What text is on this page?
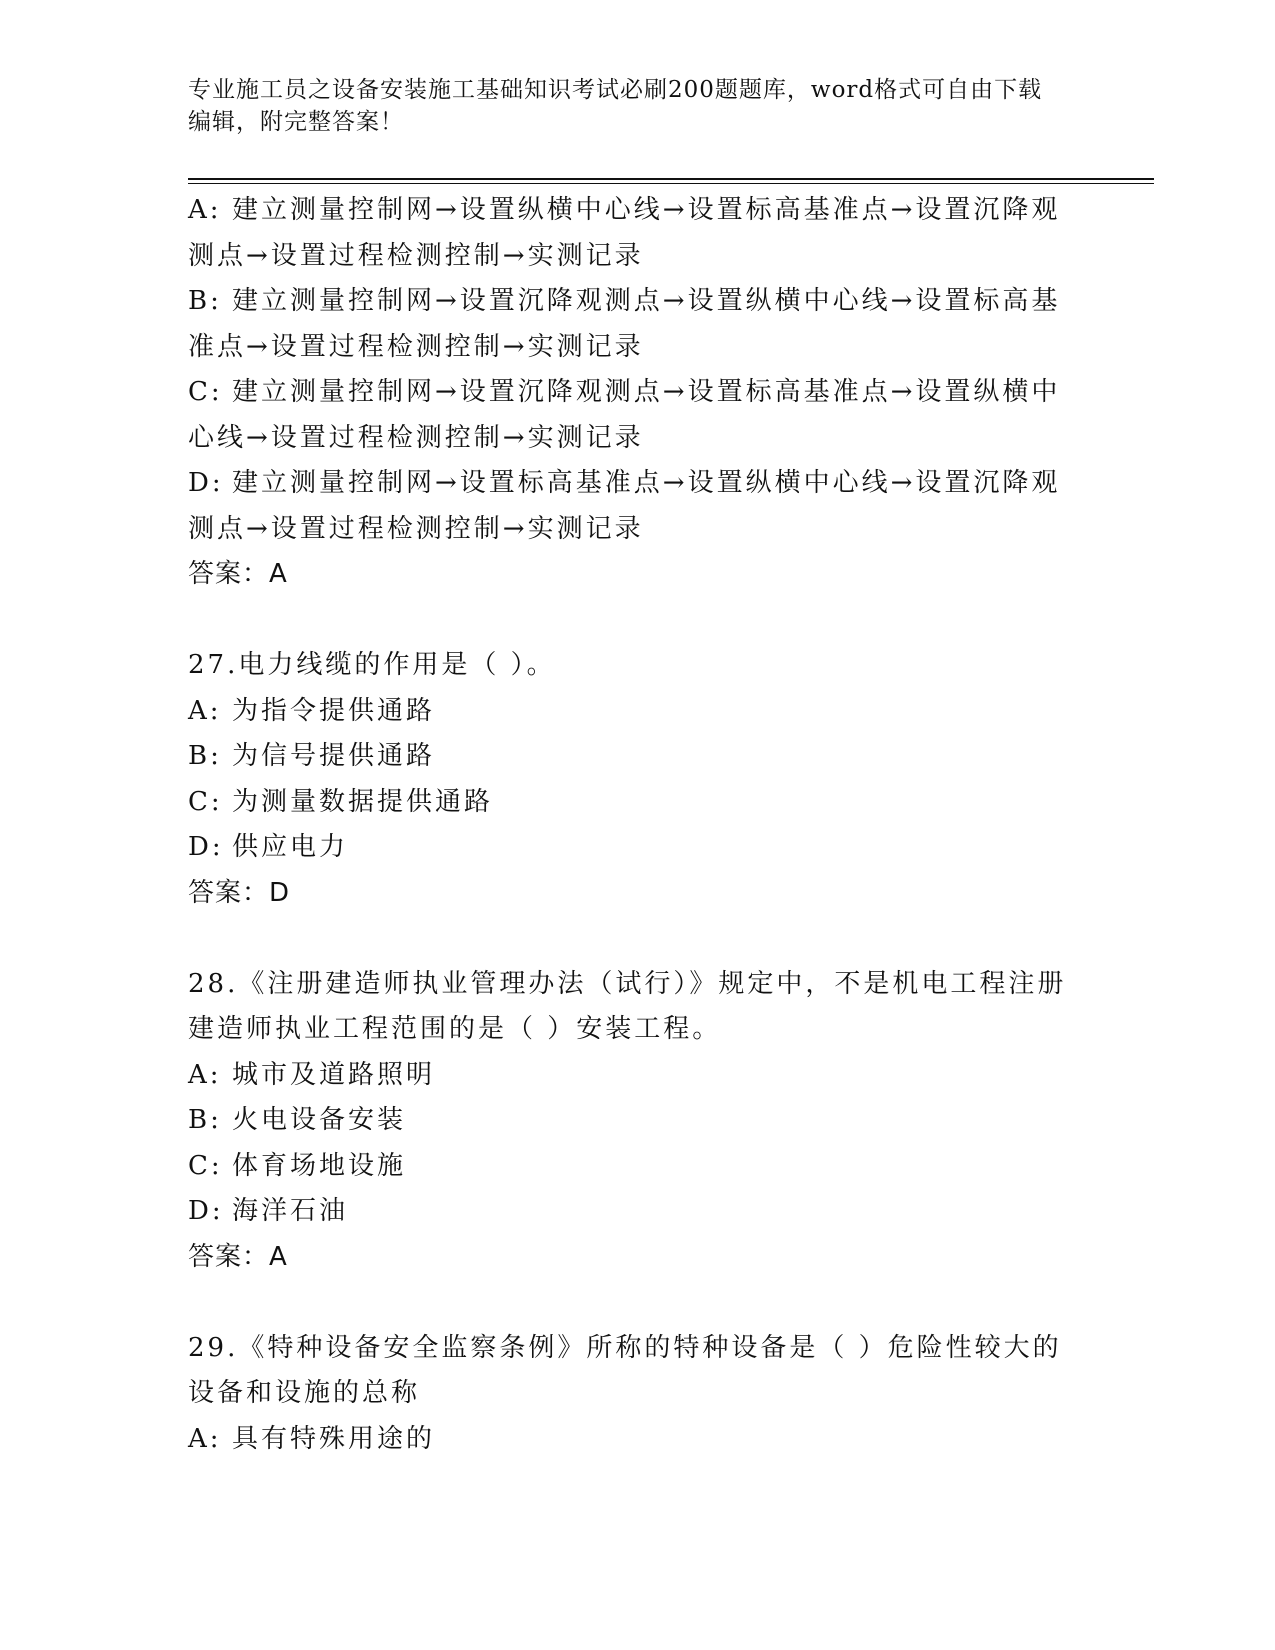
专业施工员之设备安装施工基础知识考试必刷200题题库，word格式可自由下载
编辑，附完整答案！
A: 建立测量控制网→设置纵横中心线→设置标高基准点→设置沉降观
测点→设置过程检测控制→实测记录
B: 建立测量控制网→设置沉降观测点→设置纵横中心线→设置标高基
准点→设置过程检测控制→实测记录
C: 建立测量控制网→设置沉降观测点→设置标高基准点→设置纵横中
心线→设置过程检测控制→实测记录
D: 建立测量控制网→设置标高基准点→设置纵横中心线→设置沉降观
测点→设置过程检测控制→实测记录
答案：A
27.电力线缆的作用是（ ）。
A: 为指令提供通路
B: 为信号提供通路
C: 为测量数据提供通路
D: 供应电力
答案：D
28.《注册建造师执业管理办法（试行）》规定中，不是机电工程注册
建造师执业工程范围的是（ ）安装工程。
A: 城市及道路照明
B: 火电设备安装
C: 体育场地设施
D: 海洋石油
答案：A
29.《特种设备安全监察条例》所称的特种设备是（ ）危险性较大的
设备和设施的总称
A: 具有特殊用途的
